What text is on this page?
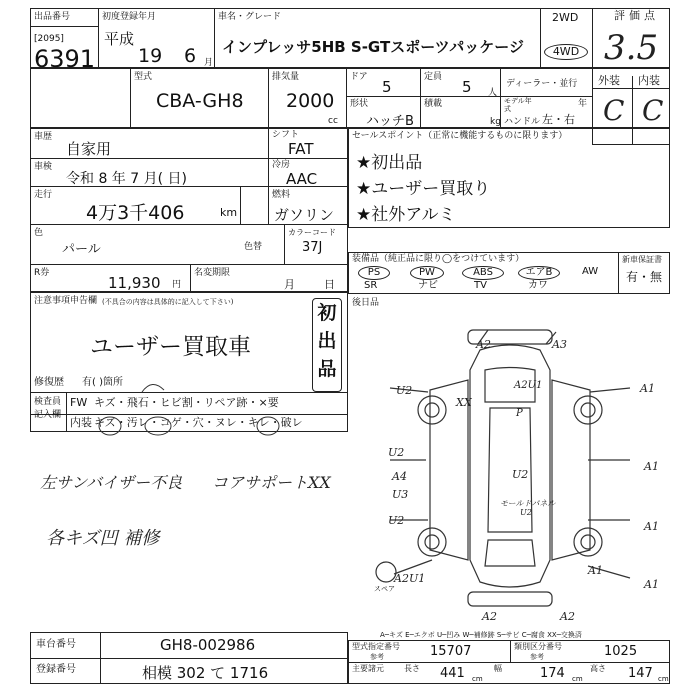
出品番号
[2095]
6391
初度登録年月
平成
19 6 月
車名・グレード
インプレッサ5HB S-GTスポーツパッケージ
2WD
4WD
評価点
3.5
型式
CBA-GH8
排気量
2000
cc
ドア
5
定員
5 人
ディーラー・並行
形状
ハッチB
積載
kg
モデル年式	年
ハンドル 左・右
外装 内装
C C
車歴
自家用
シフト
FAT
車検
令和 8 年 7 月( 日)
冷房
AAC
走行
4万3千406	km
燃料
ガソリン
色
パール	色替
カラーコード
37J
R券
11,930 円
名変期限
月	日
セールスポイント（正常に機能するものに限ります）
★初出品
★ユーザー買取り
★社外アルミ
装備品（純正品に限り◯をつけています）
PS	PW	ABS	エアB	AW
SR	ナビ	TV	カワ
新車保証書
有・無
後日品
注意事項申告欄 (不具合の内容は具体的に記入して下さい)
ユーザー買取車
初
出
品
修復歴 有( )箇所
検査員記入欄
FW キズ・飛石・ヒビ割・リペア跡・×要
内装 キズ・汚レ・コゲ・穴・ヌレ・キレ・破レ
左サンバイザー不良 コアサポートXX
各キズ凹 補修
A2	A3
U2	A1
XX
A2U1
P
U2
A1
U2
U2	A1
A4
U3
A1
U2
A1
A2	A2
A2U1
モールドパネル
スペア
A─キズ E─エクボ U─凹み W─補修跡 S─サビ C─腐食 XX─交換済
車台番号	GH8-002986
登録番号	相模 302 て 1716
型式指定番号
参考	15707	類別区分番号
参考	1025
主要諸元	長さ 441 cm
幅	174 cm
高さ 147 cm
